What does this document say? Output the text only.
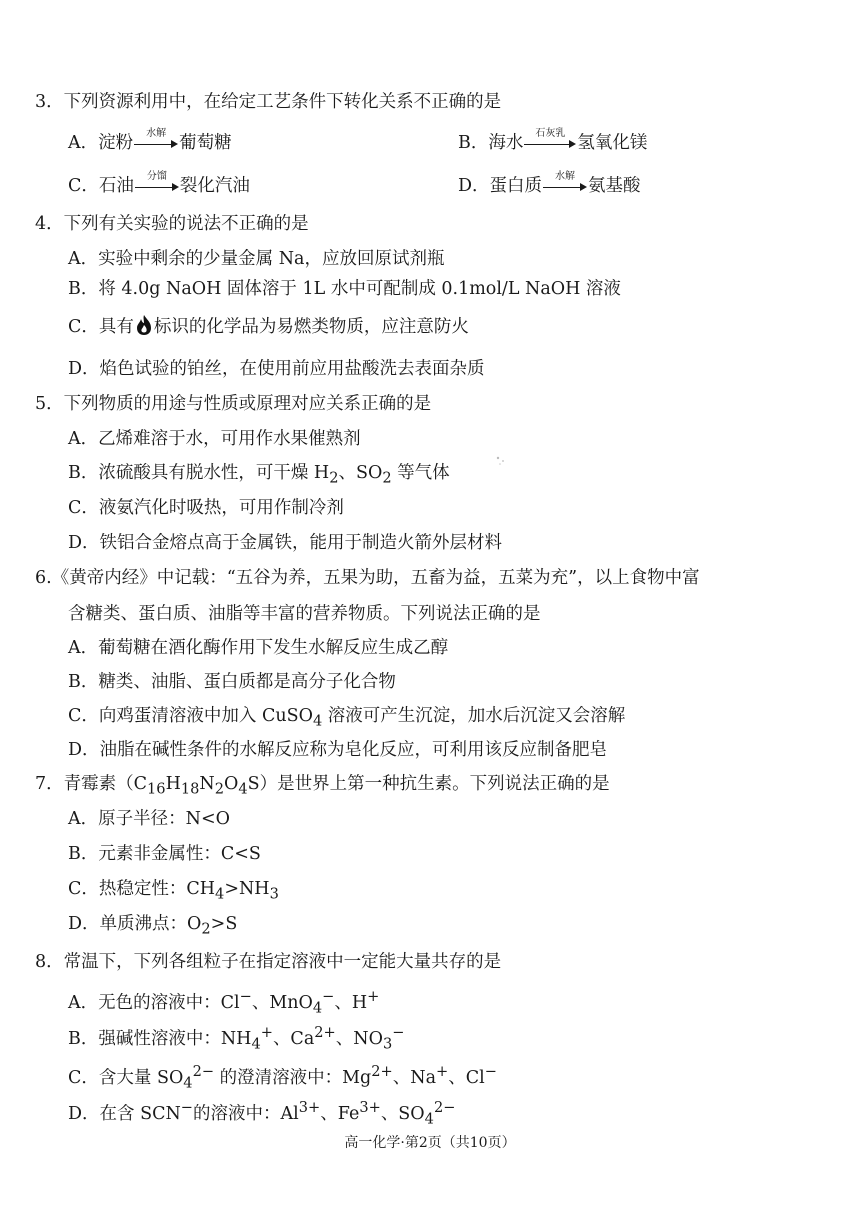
3．下列资源利用中，在给定工艺条件下转化关系不正确的是
A．淀粉	水解 葡萄糖	B．海水	石灰乳 氢氧化镁
C．石油	分馏 裂化汽油	D．蛋白质	水解 氨基酸
4．下列有关实验的说法不正确的是
A．实验中剩余的少量金属 Na，应放回原试剂瓶
B．将 4.0g NaOH 固体溶于 1L 水中可配制成 0.1mol/L NaOH 溶液
C．具有 标识的化学品为易燃类物质，应注意防火
D．焰色试验的铂丝，在使用前应用盐酸洗去表面杂质
5．下列物质的用途与性质或原理对应关系正确的是
A．乙烯难溶于水，可用作水果催熟剂
B．浓硫酸具有脱水性，可干燥 $H_2$、$SO_2$ 等气体
C．液氨汽化时吸热，可用作制冷剂
D．铁铝合金熔点高于金属铁，能用于制造火箭外层材料
6.《黄帝内经》中记载：“五谷为养，五果为助，五畜为益，五菜为充”，以上食物中富
含糖类、蛋白质、油脂等丰富的营养物质。下列说法正确的是
A．葡萄糖在酒化酶作用下发生水解反应生成乙醇
B．糖类、油脂、蛋白质都是高分子化合物
C．向鸡蛋清溶液中加入 CuSO$_4$ 溶液可产生沉淀，加水后沉淀又会溶解
D．油脂在碱性条件的水解反应称为皂化反应，可利用该反应制备肥皂
7．青霉素$(C_{16}H_{18}N_2O_4S)$是世界上第一种抗生素。下列说法正确的是
A．原子半径：N<O
B．元素非金属性：C<S
C．热稳定性：$CH_4>NH_3$
D．单质沸点：$O_2>S$
8．常温下，下列各组粒子在指定溶液中一定能大量共存的是
A．无色的溶液中：Cl−、MnO$_4$−、H+
B．强碱性溶液中：$NH_4^+$、$Ca^{2+}$、$NO_3^-$
C．含大量 $SO_4^{2-}$ 的澄清溶液中：$Mg^{2+}$、Na+、Cl−
D．在含 SCN−的溶液中：$Al^{3+}$、$Fe^{3+}$、$SO_4^{2-}$
高一化学·第2页（共10页）
